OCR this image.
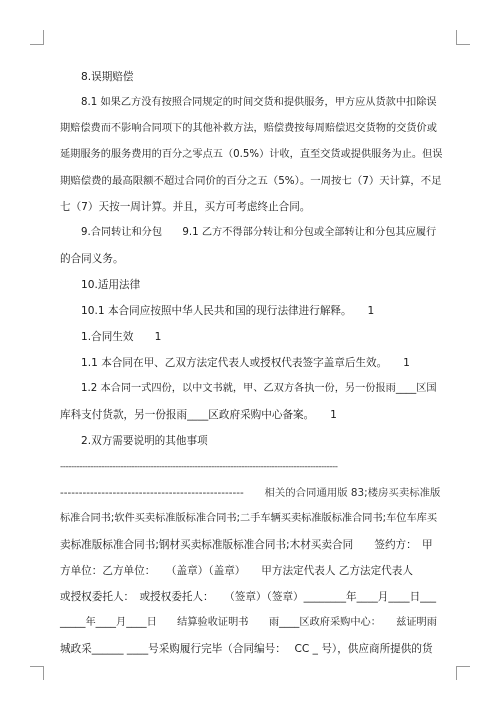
8.误期赔偿

8.1 如果乙方没有按照合同规定的时间交货和提供服务，甲方应从货款中扣除误

期赔偿费而不影响合同项下的其他补救方法，赔偿费按每周赔偿迟交货物的交货价或

延期服务的服务费用的百分之零点五（0.5%）计收，直至交货或提供服务为止。但误

期赔偿费的最高限额不超过合同价的百分之五（5%）。一周按七（7）天计算，不足

七（7）天按一周计算。并且，买方可考虑终止合同。

9.合同转让和分包　　9.1 乙方不得部分转让和分包或全部转让和分包其应履行

的合同义务。

10.适用法律

10.1 本合同应按照中华人民共和国的现行法律进行解释。　　1

1.合同生效　　1

1.1 本合同在甲、乙双方法定代表人或授权代表签字盖章后生效。　　1

1.2 本合同一式四份，以中文书就，甲、乙双方各执一份，另一份报雨____区国

库科支付货款，另一份报雨____区政府采购中心备案。　　1

2.双方需要说明的其他事项

-----------------------------------------------------------------------------------------------------
-------------------------------------------------　　相关的合同通用版 83;楼房买卖标准版

标准合同书;软件买卖标准版标准合同书;二手车辆买卖标准版标准合同书;车位车库买

卖标准版标准合同书;钢材买卖标准版标准合同书;木材买卖合同　　签约方：　甲

方单位：乙方单位：　　（盖章）（盖章）　　甲方法定代表人 乙方法定代表人

或授权委托人：　或授权委托人：　　（签章）（签章）________年____月____日___

_____年____月____日　　结算验收证明书　　雨____区政府采购中心：　　兹证明雨

城政采______ ____号采购履行完毕（合同编号：　 CC _ 号），供应商所提供的货
